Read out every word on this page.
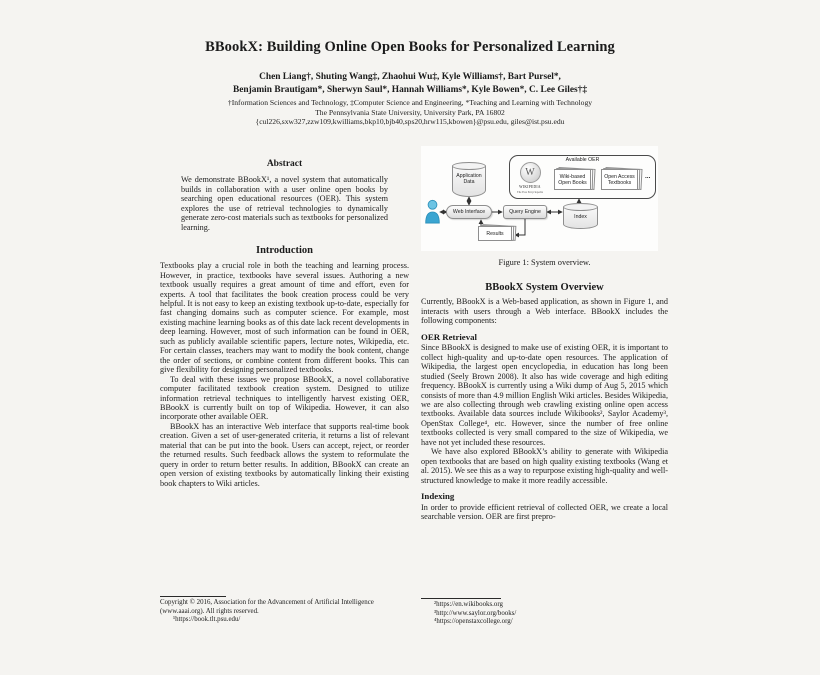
BBookX: Building Online Open Books for Personalized Learning
Chen Liang†, Shuting Wang‡, Zhaohui Wu‡, Kyle Williams†, Bart Pursel*,
Benjamin Brautigam*, Sherwyn Saul*, Hannah Williams*, Kyle Bowen*, C. Lee Giles†‡
†Information Sciences and Technology, ‡Computer Science and Engineering, *Teaching and Learning with Technology
The Pennsylvania State University, University Park, PA 16802
{cul226,sxw327,zzw109,kwilliams,bkp10,bjb40,sps20,hrw115,kbowen}@psu.edu, giles@ist.psu.edu
Abstract
We demonstrate BBookX¹, a novel system that automatically builds in collaboration with a user online open books by searching open educational resources (OER). This system explores the use of retrieval technologies to dynamically generate zero-cost materials such as textbooks for personalized learning.
Introduction

Textbooks play a crucial role in both the teaching and learning process. However, in practice, textbooks have several issues. Authoring a new textbook usually requires a great amount of time and effort, even for experts. A tool that facilitates the book creation process could be very helpful. It is not easy to keep an existing textbook up-to-date, especially for fast changing domains such as computer science. For example, most existing machine learning books as of this date lack recent developments in deep learning. However, most of such information can be found in OER, such as publicly available scientific papers, lecture notes, Wikipedia, etc. For certain classes, teachers may want to modify the book content, change the order of sections, or combine content from different books. This can give flexibility for designing personalized textbooks.

To deal with these issues we propose BBookX, a novel collaborative computer facilitated textbook creation system. Designed to utilize information retrieval techniques to intelligently harvest existing OER, BBookX is currently built on top of Wikipedia. However, it can also incorporate other available OER.

BBookX has an interactive Web interface that supports real-time book creation. Given a set of user-generated criteria, it returns a list of relevant material that can be put into the book. Users can accept, reject, or reorder the returned results. Such feedback allows the system to reformulate the query in order to return better results. In addition, BBookX can create an open version of existing textbooks by automatically linking their existing book chapters to Wiki articles.

Copyright © 2016, Association for the Advancement of Artificial Intelligence (www.aaai.org). All rights reserved.
¹https://book.tlt.psu.edu/
Application Data
Web Interface	Query Engine
Results
Index
Available OER
W
WIKIPEDIA
The Free Encyclopedia
Wiki-based Open Books
Open Access Textbooks
...
Figure 1: System overview.
BBookX System Overview

Currently, BBookX is a Web-based application, as shown in Figure 1, and interacts with users through a Web interface. BBookX includes the following components:

OER Retrieval

Since BBookX is designed to make use of existing OER, it is important to collect high-quality and up-to-date open resources. The application of Wikipedia, the largest open encyclopedia, in education has long been studied (Seely Brown 2008). It also has wide coverage and high editing frequency. BBookX is currently using a Wiki dump of Aug 5, 2015 which consists of more than 4.9 million English Wiki articles. Besides Wikipedia, we are also collecting through web crawling existing online open access textbooks. Available data sources include Wikibooks², Saylor Academy³, OpenStax College⁴, etc. However, since the number of free online textbooks collected is very small compared to the size of Wikipedia, we have not yet included these resources.

We have also explored BBookX’s ability to generate with Wikipedia open textbooks that are based on high quality existing textbooks (Wang et al. 2015). We see this as a way to repurpose existing high-quality and well-structured knowledge to make it more readily accessible.

Indexing

In order to provide efficient retrieval of collected OER, we create a local searchable version. OER are first prepro-

²https://en.wikibooks.org
³http://www.saylor.org/books/
⁴https://openstaxcollege.org/
